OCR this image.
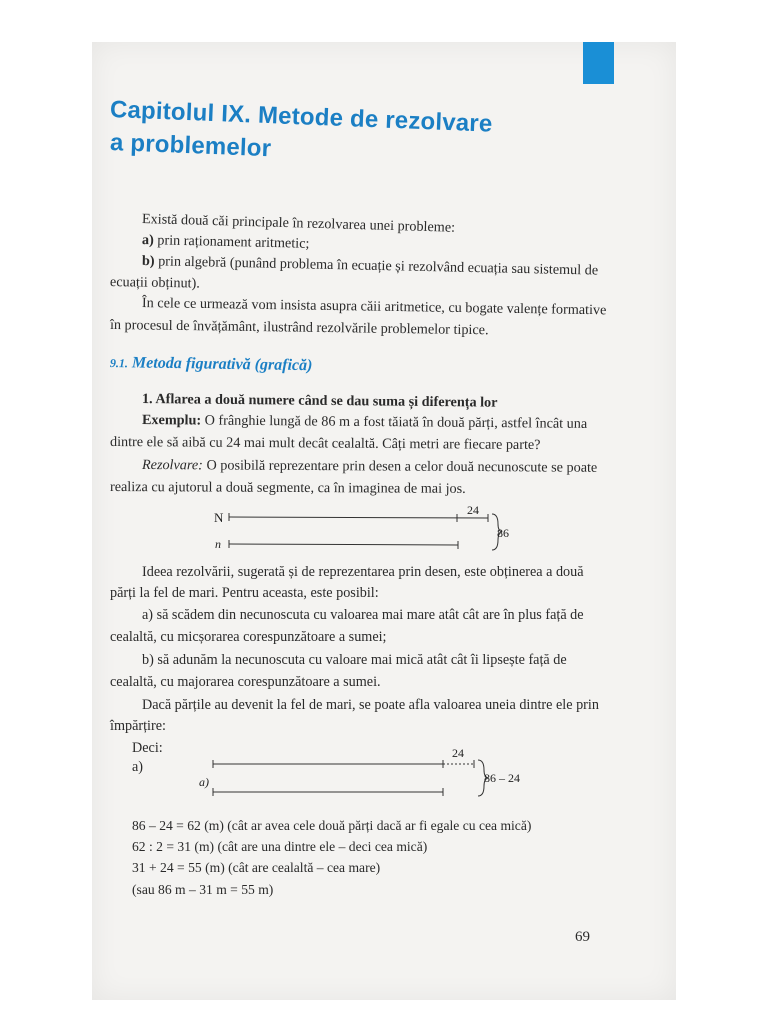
Capitolul IX. Metode de rezolvare
a problemelor
Există două căi principale în rezolvarea unei probleme:
a) prin raționament aritmetic;
b) prin algebră (punând problema în ecuație și rezolvând ecuația sau sistemul de
ecuații obținut).
În cele ce urmează vom insista asupra căii aritmetice, cu bogate valențe formative
în procesul de învățământ, ilustrând rezolvările problemelor tipice.
9.1. Metoda figurativă (grafică)
1. Aflarea a două numere când se dau suma și diferența lor
Exemplu: O frânghie lungă de 86 m a fost tăiată în două părți, astfel încât una
dintre ele să aibă cu 24 mai mult decât cealaltă. Câți metri are fiecare parte?
Rezolvare: O posibilă reprezentare prin desen a celor două necunoscute se poate
realiza cu ajutorul a două segmente, ca în imaginea de mai jos.
N	24
n
86
Ideea rezolvării, sugerată și de reprezentarea prin desen, este obținerea a două
părți la fel de mari. Pentru aceasta, este posibil:
a) să scădem din necunoscuta cu valoarea mai mare atât cât are în plus față de
cealaltă, cu micșorarea corespunzătoare a sumei;
b) să adunăm la necunoscuta cu valoare mai mică atât cât îi lipsește față de
cealaltă, cu majorarea corespunzătoare a sumei.
Dacă părțile au devenit la fel de mari, se poate afla valoarea uneia dintre ele prin
împărțire:
Deci:
a)
24
a)	86 – 24
86 – 24 = 62 (m) (cât ar avea cele două părți dacă ar fi egale cu cea mică)
62 : 2 = 31 (m) (cât are una dintre ele – deci cea mică)
31 + 24 = 55 (m) (cât are cealaltă – cea mare)
(sau 86 m – 31 m = 55 m)
69
